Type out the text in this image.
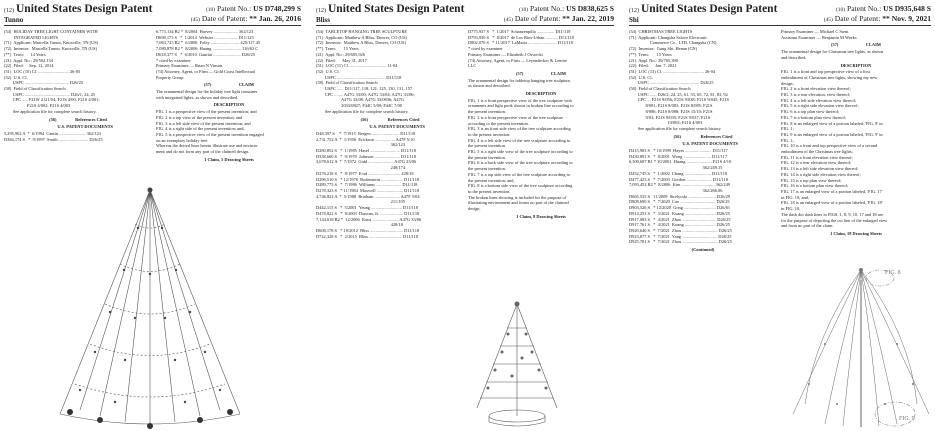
(12) United States Design Patent
Tunno
(10) Patent No.: US D748,299 S
(45) Date of Patent: ** Jan. 26, 2016
(54)  HOLIDAY TREE LIGHT CONTAINER WITH
INTEGRATED LIGHTS
(71)  Applicant: Marcella Tunno, Knoxville, TN (US)
(72)  Inventor:  Marcella Tunno, Knoxville, TN (US)
(**)  Term:      14 Years
(21)  Appl. No.: 29/502,134
(22)  Filed:     Sep. 12, 2014
(51)  LOC (10) Cl. ............................ 26-05
(52)  U.S. Cl.
USPC ........................................ D26/25
(58)  Field of Classification Search
USPC ......................................... D26/1, 24, 25
CPC ..... F21W 2121/04; F21S 4/00; F21S 4/001;
F21S 4/002; F21S 4/003
See application file for complete search history.
(56)                 References Cited
U.S. PATENT DOCUMENTS
5,295,902 A  *  6/1994  Cantin ........................ 362/123
D384,174 S   *  9/1997  Smith ........................... D26/25
6,773,134 B2 *  8/2004  Harvey ...................... 362/123
D698,175 S   *  1/2014  Webster ..................... D11/125
7,063,725 B2 *  6/2006  Foley .......................... 425/117.45
7,080,878 B2 *  8/2006  Huang .......................... 116/63 C
D618,377 S   *  6/2010  Gauriat ......................... D26/25
* cited by examiner
Primary Examiner — Brian N Vinson
(74) Attorney, Agent, or Firm — Gold Coast Intellectual
Property Group
(57)                         CLAIM
The ornamental design for the holiday tree light container
with integrated lights, as shown and described.
DESCRIPTION
FIG. 1 is a perspective view of the present invention; and
FIG. 2 is a top view of the present invention; and
FIG. 3 is a left side view of the present invention; and
FIG. 4 is a right side of the present invention; and,
FIG. 5 is a perspective view of the present invention engaged
on an exemplary holiday tree.
Whereas the dotted lines herein illustrate use and environ-
ment and do not form any part of the claimed design.
1 Claim, 5 Drawing Sheets
(12) United States Design Patent
Bliss
(10) Patent No.: US D838,625 S
(45) Date of Patent: ** Jan. 22, 2019
(54)  TABLETOP HANGING TREE SCULPTURE
(71)  Applicant: Matthew A Bliss, Denver, CO (US)
(72)  Inventor:  Matthew A Bliss, Denver, CO (US)
(**)  Term:       15 Years
(21)  Appl. No.: 29/605,926
(22)  Filed:      May 31, 2017
(51)  LOC (11) Cl. ................................. 11-04
(52)  U.S. Cl.
USPC ............................................ D11/118
(58)  Field of Classification Search
USPC ...... D11/117, 118, 121, 125, 130, 131, 157
CPC ........ A47G 33/00; A47G 33/04; A47G 33/06;
A47G 33/08; A47G 33/0836; A47G
2033/0827; F44C 5/00; F44C 7/00
See application file for complete search history.
(56)                  References Cited
U.S. PATENT DOCUMENTS
D48,397 S    *  7/1915  Bergen ......................... D11/118
2,731,752 A  *  1/1956  Erickson .................. A47F 5/10
362/123
D280,852 S   *  1/1985  Hasel ........................... D11/118
D338,660 S   *  9/1970  Johnson ....................... D11/118
3,678,612 A  *  7/1972  Gidd ....................... A47G 33/06
248/174
D276,218 S   *  8/1977  Ford ............................. 428/18
D296,510 S   * 12/1978  Bodenstein .................... D11/118
D289,775 S   *  7/1986  Williams ....................... D11/118
D278,323 S   * 11/1984  Maxwell ........................ D11/118
4,746,822 A  *  5/1988  Bratham ....................... A47F 5/04
211/105
D442,115 S   *  5/2001  Yeung ............................ D11/118
D478,822 S   *  8/2003  Duncan, Jr. ..................... D11/118
7,144,618 B2 *  12/2006  Ernst ........................ A47G 33/06
428/18
D608,178 S   * 10/2012  Bliss .............................. D11/118
D722,328 S   *  2/2015  Bliss .............................. D11/118
D775,937 S   *  1/2017  Schanzenpilla ................ D11/118
D793,930 S   *  8/2017  de Los Rios-Urban ........... D11/118
D802,076 S   * 11/2017  LaMaria .......................... D11/118
* cited by examiner
Primary Examiner — Elizabeth J Oswecki
(74) Attorney, Agent, or Firm — Leyendecker & Lemire
LLC
(57)                         CLAIM
The ornamental design for tabletop hanging tree sculpture,
as shown and described.
DESCRIPTION
FIG. 1 is a front perspective view of the tree sculpture with
ornaments and light pook shown in broken line according to
the present invention.
FIG. 2 is a front perspective view of the tree sculpture
according to the present invention.
FIG. 3 is an front side view of the tree sculpture according
to the present invention.
FIG. 4 is a left side view of the tree sculpture according to
the present invention.
FIG. 5 is a right side view of the tree sculpture according to
the present invention.
FIG. 6 is a back side view of the tree sculpture according to
the present invention.
FIG. 7 is a top side view of the tree sculpture according to
the present invention; and,
FIG. 8 is a bottom side view of the tree sculpture according
to the present invention.
The broken lines showing is included for the purpose of
illustrating environment and forms no part of the claimed
design.
1 Claim, 8 Drawing Sheets
(12) United States Design Patent
Shi
(10) Patent No.: US D935,648 S
(45) Date of Patent: ** Nov. 9, 2021
(54)  CHRISTMAS TREE LIGHTS
(71)  Applicant: Changsha Sslove Electronic
Commerce Co., LTD, Changsha (CN)
(72)  Inventor:  Gang Shi, Henan (CN)
(**)  Term:       15 Years
(21)  Appl. No.: 29/765,390
(22)  Filed:      Jan. 7, 2021
(51)  LOC (13) Cl. ..................................... 26-04
(52)  U.S. Cl.
USPC ............................................. D26/25
(58)  Field of Classification Search
USPC ...... D26/2, 24, 25, 61, 53, 65, 72, 81, 83, 92
CPC ... F21S 9/056; F21S 9/038; F21S 9/045; F21S
8/081; F21S 8/083; F21S 8/085; F21S
8/086; F21S 8/088; F21S 15/10; F21S
9/03; F21S 9/035; F21S 9/037; F21S
10/063; F21S 4/003
See application file for complete search history.
(56)                  References Cited
U.S. PATENT DOCUMENTS
D415,983 S   * 10/1999  Hayes ........................ D11/117
D430,891 S   *  8/2001  Wong ......................... D11/117
6,300,687 B1 * 10/2001  Huang ....................... F21S 4/10
362/249.15
D452,745 S   *  1/2002  Chang ........................ D11/118
D477,425 S   *  7/2003  Gordon ....................... D11/118
7,093,452 B2 *  8/2006  Kim .............................. 362/249
362/266.06
D665,535 S   11/2009  Strelycski ......................... D26/29
D808,690 S   *  7/2020  Cao ................................ D26/25
D903,526 S   * 12/2020  Gong ............................. D26/61
D914,253 S   *  3/2021  Kuang ............................ D26/25
D917,083 S   *  4/2021  Zhao ............................... D26/25
D917,761 S   *  4/2021  Kuang ............................ D26/25
D920,640 S   *  7/2021  Zhou ................................ D26/25
D923,877 S   *  7/2021  Yang ................................ D26/25
D925,781 S   *  7/2021  Zhou ................................ D26/25
(Continued)
Primary Examiner — Michael C Stent
Assistant Examiner — Benjamin M Weeks
(57)                         CLAIM
The ornamental design for Christmas tree lights, as shown
and described.
DESCRIPTION
FIG. 1 is a front and top perspective view of a first
embodiment of Christmas tree lights, showing my new
design;
FIG. 2 is a front elevation view thereof;
FIG. 3 is a rear elevation, view thereof;
FIG. 4 is a left side elevation view thereof;
FIG. 5 is a right side elevation view thereof;
FIG. 6 is a top plan view thereof;
FIG. 7 is a bottom plan view thereof;
FIG. 8 is an enlarged view of a portion labeled, 'FIG. 8' in
FIG. 1;
FIG. 9 is an enlarged view of a portion labeled, 'FIG. 9' in
FIG. 1;
FIG. 10 is a front and top perspective view of a second
embodiment of the Christmas tree lights;
FIG. 11 is a front elevation view thereof;
FIG. 12 is a rear elevation view thereof;
FIG. 13 is a left side elevation view thereof;
FIG. 14 is a right side elevation view thereof;
FIG. 15 is a top plan view thereof;
FIG. 16 is a bottom plan view thereof;
FIG. 17 is an enlarged view of a portion labeled, 'FIG. 17'
in FIG. 10; and,
FIG. 18 is an enlarged view of a portion labeled, 'FIG. 18'
in FIG. 10.
The dash dot dash lines in FIGS. 1, 8, 9, 10, 17 and 18 are
for the purpose of depicting the cut line of the enlarged view
and form no part of the claim.
1 Claim, 18 Drawing Sheets
FIG. 8
FIG. 9
